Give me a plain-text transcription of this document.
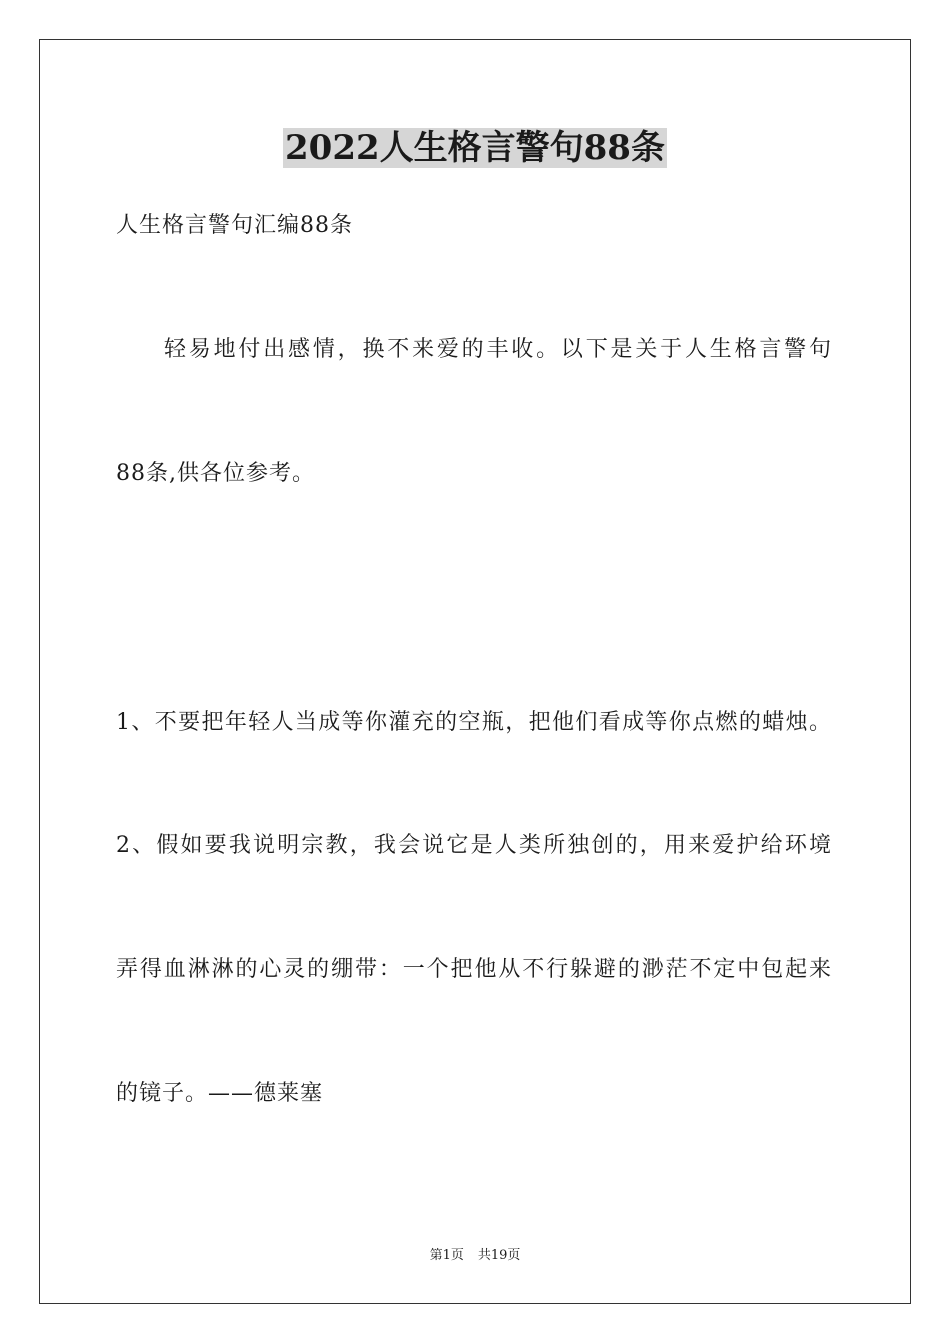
2022人生格言警句88条
人生格言警句汇编88条
轻易地付出感情，换不来爱的丰收。以下是关于人生格言警句
88条,供各位参考。
1、不要把年轻人当成等你灌充的空瓶，把他们看成等你点燃的蜡烛。
2、假如要我说明宗教，我会说它是人类所独创的，用来爱护给环境
弄得血淋淋的心灵的绷带：一个把他从不行躲避的渺茫不定中包起来
的镜子。——德莱塞
第1页 共19页
